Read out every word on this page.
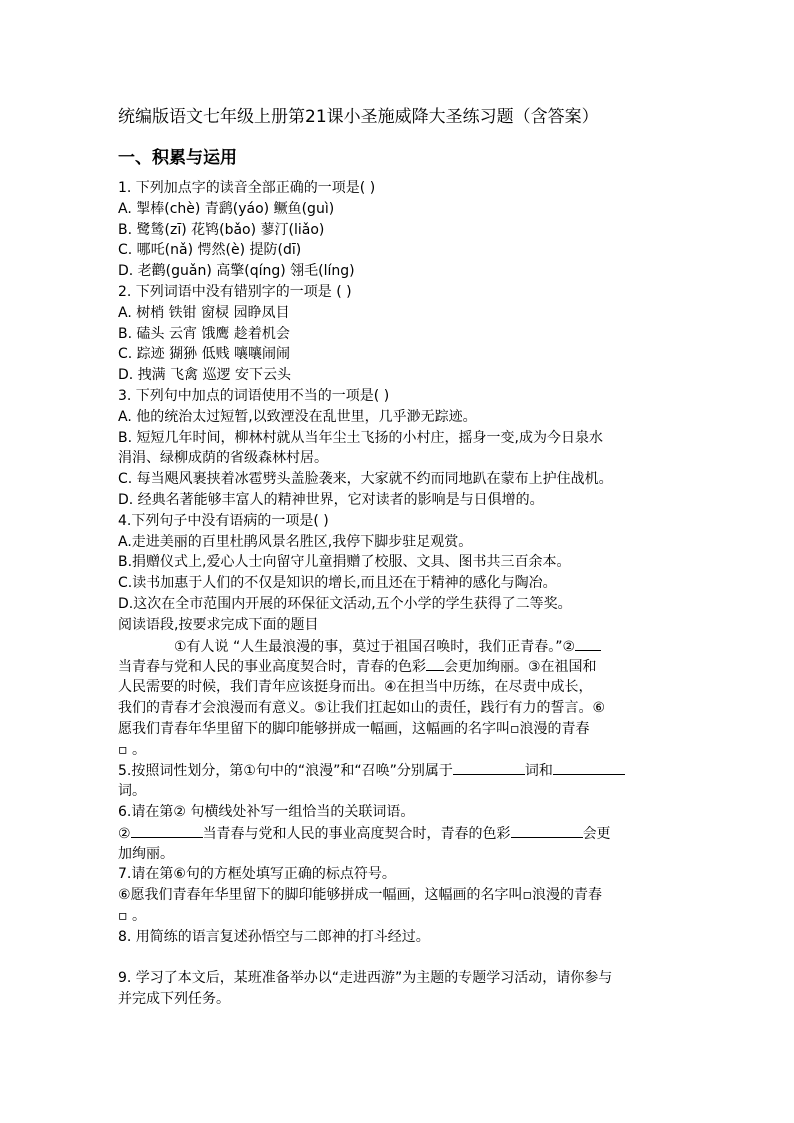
统编版语文七年级上册第21课小圣施威降大圣练习题（含答案）
一、积累与运用
1. 下列加点字的读音全部正确的一项是( )
A. 掣棒(chè) 青鹞(yáo) 鳜鱼(guì)
B. 鹭鸶(zī) 花鸨(bǎo) 蓼汀(liǎo)
C. 哪吒(nǎ) 愕然(è) 提防(dī)
D. 老鹳(guǎn) 高擎(qíng) 翎毛(líng)
2. 下列词语中没有错别字的一项是 ( )
A. 树梢 铁钳 窗棂 园睁凤目
B. 磕头 云宵 饿鹰 趁着机会
C. 踪迹 猢狲 低贱 嚷嚷闹闹
D. 拽满 飞禽 巡逻 安下云头
3. 下列句中加点的词语使用不当的一项是( )
A. 他的统治太过短暂,以致湮没在乱世里，几乎渺无踪迹。
B. 短短几年时间，柳林村就从当年尘土飞扬的小村庄，摇身一变,成为今日泉水
涓涓、绿柳成荫的省级森林村居。
C. 每当飓风裹挟着冰雹劈头盖脸袭来，大家就不约而同地趴在蒙布上护住战机。
D. 经典名著能够丰富人的精神世界，它对读者的影响是与日俱增的。
4.下列句子中没有语病的一项是( )
A.走进美丽的百里杜鹃风景名胜区,我停下脚步驻足观赏。
B.捐赠仪式上,爱心人士向留守儿童捐赠了校服、文具、图书共三百余本。
C.读书加惠于人们的不仅是知识的增长,而且还在于精神的感化与陶冶。
D.这次在全市范围内开展的环保征文活动,五个小学的学生获得了二等奖。
阅读语段,按要求完成下面的题目
①有人说 “人生最浪漫的事，莫过于祖国召唤时，我们正青春。”②
当青春与党和人民的事业高度契合时，青春的色彩 会更加绚丽。③在祖国和
人民需要的时候，我们青年应该挺身而出。④在担当中历练，在尽责中成长，
我们的青春才会浪漫而有意义。⑤让我们扛起如山的责任，践行有力的誓言。⑥
愿我们青春年华里留下的脚印能够拼成一幅画，这幅画的名字叫▫浪漫的青春
▫ 。
5.按照词性划分，第①句中的“浪漫”和“召唤”分别属于	词和
词。
6.请在第② 句横线处补写一组恰当的关联词语。
②	当青春与党和人民的事业高度契合时，青春的色彩	会更
加绚丽。
7.请在第⑥句的方框处填写正确的标点符号。
⑥愿我们青春年华里留下的脚印能够拼成一幅画，这幅画的名字叫▫浪漫的青春
▫ 。
8. 用简练的语言复述孙悟空与二郎神的打斗经过。
9. 学习了本文后，某班准备举办以“走进西游”为主题的专题学习活动，请你参与
并完成下列任务。
